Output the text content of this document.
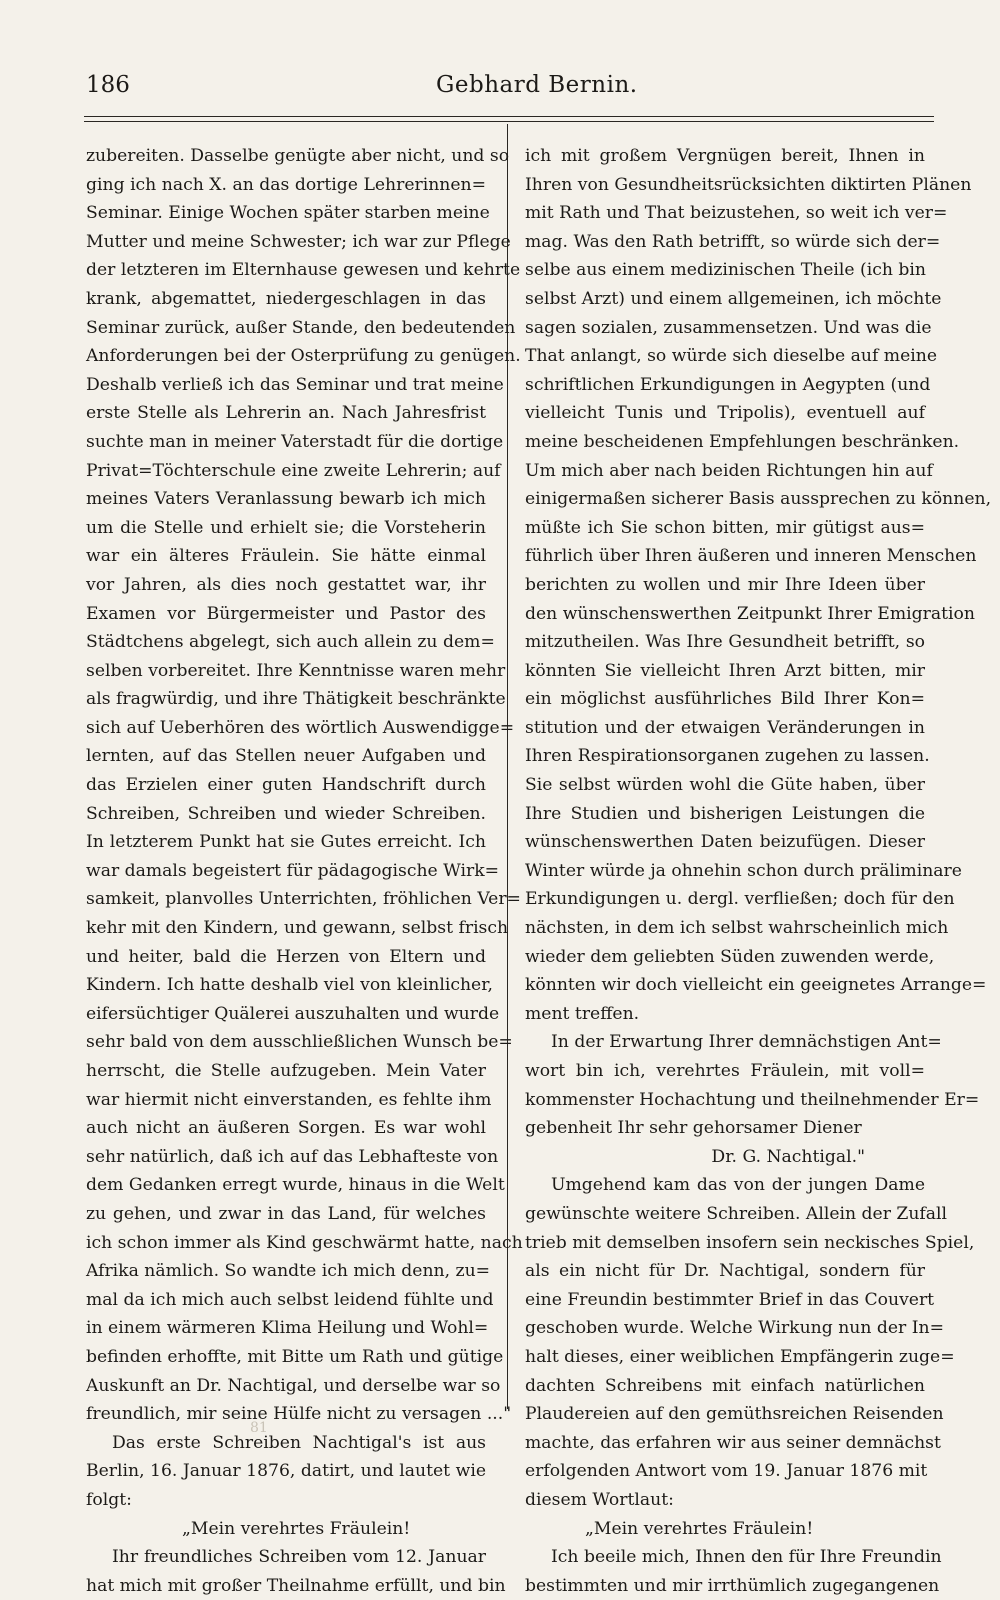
186	Gebhard Bernin.
zubereiten. Dasselbe genügte aber nicht, und so
ging ich nach X. an das dortige Lehrerinnen=
Seminar. Einige Wochen später starben meine
Mutter und meine Schwester; ich war zur Pflege
der letzteren im Elternhause gewesen und kehrte
krank, abgemattet, niedergeschlagen in das
Seminar zurück, außer Stande, den bedeutenden
Anforderungen bei der Osterprüfung zu genügen.
Deshalb verließ ich das Seminar und trat meine
erste Stelle als Lehrerin an. Nach Jahresfrist
suchte man in meiner Vaterstadt für die dortige
Privat=Töchterschule eine zweite Lehrerin; auf
meines Vaters Veranlassung bewarb ich mich
um die Stelle und erhielt sie; die Vorsteherin
war ein älteres Fräulein. Sie hätte einmal
vor Jahren, als dies noch gestattet war, ihr
Examen vor Bürgermeister und Pastor des
Städtchens abgelegt, sich auch allein zu dem=
selben vorbereitet. Ihre Kenntnisse waren mehr
als fragwürdig, und ihre Thätigkeit beschränkte
sich auf Ueberhören des wörtlich Auswendigge=
lernten, auf das Stellen neuer Aufgaben und
das Erzielen einer guten Handschrift durch
Schreiben, Schreiben und wieder Schreiben.
In letzterem Punkt hat sie Gutes erreicht. Ich
war damals begeistert für pädagogische Wirk=
samkeit, planvolles Unterrichten, fröhlichen Ver=
kehr mit den Kindern, und gewann, selbst frisch
und heiter, bald die Herzen von Eltern und
Kindern. Ich hatte deshalb viel von kleinlicher,
eifersüchtiger Quälerei auszuhalten und wurde
sehr bald von dem ausschließlichen Wunsch be=
herrscht, die Stelle aufzugeben. Mein Vater
war hiermit nicht einverstanden, es fehlte ihm
auch nicht an äußeren Sorgen. Es war wohl
sehr natürlich, daß ich auf das Lebhafteste von
dem Gedanken erregt wurde, hinaus in die Welt
zu gehen, und zwar in das Land, für welches
ich schon immer als Kind geschwärmt hatte, nach
Afrika nämlich. So wandte ich mich denn, zu=
mal da ich mich auch selbst leidend fühlte und
in einem wärmeren Klima Heilung und Wohl=
befinden erhoffte, mit Bitte um Rath und gütige
Auskunft an Dr. Nachtigal, und derselbe war so
freundlich, mir seine Hülfe nicht zu versagen ..."
Das erste Schreiben Nachtigal's ist aus
Berlin, 16. Januar 1876, datirt, und lautet wie
folgt:
„Mein verehrtes Fräulein!
Ihr freundliches Schreiben vom 12. Januar
hat mich mit großer Theilnahme erfüllt, und bin
ich mit großem Vergnügen bereit, Ihnen in
Ihren von Gesundheitsrücksichten diktirten Plänen
mit Rath und That beizustehen, so weit ich ver=
mag. Was den Rath betrifft, so würde sich der=
selbe aus einem medizinischen Theile (ich bin
selbst Arzt) und einem allgemeinen, ich möchte
sagen sozialen, zusammensetzen. Und was die
That anlangt, so würde sich dieselbe auf meine
schriftlichen Erkundigungen in Aegypten (und
vielleicht Tunis und Tripolis), eventuell auf
meine bescheidenen Empfehlungen beschränken.
Um mich aber nach beiden Richtungen hin auf
einigermaßen sicherer Basis aussprechen zu können,
müßte ich Sie schon bitten, mir gütigst aus=
führlich über Ihren äußeren und inneren Menschen
berichten zu wollen und mir Ihre Ideen über
den wünschenswerthen Zeitpunkt Ihrer Emigration
mitzutheilen. Was Ihre Gesundheit betrifft, so
könnten Sie vielleicht Ihren Arzt bitten, mir
ein möglichst ausführliches Bild Ihrer Kon=
stitution und der etwaigen Veränderungen in
Ihren Respirationsorganen zugehen zu lassen.
Sie selbst würden wohl die Güte haben, über
Ihre Studien und bisherigen Leistungen die
wünschenswerthen Daten beizufügen. Dieser
Winter würde ja ohnehin schon durch präliminare
Erkundigungen u. dergl. verfließen; doch für den
nächsten, in dem ich selbst wahrscheinlich mich
wieder dem geliebten Süden zuwenden werde,
könnten wir doch vielleicht ein geeignetes Arrange=
ment treffen.
In der Erwartung Ihrer demnächstigen Ant=
wort bin ich, verehrtes Fräulein, mit voll=
kommenster Hochachtung und theilnehmender Er=
gebenheit Ihr sehr gehorsamer Diener
Dr. G. Nachtigal."
Umgehend kam das von der jungen Dame
gewünschte weitere Schreiben. Allein der Zufall
trieb mit demselben insofern sein neckisches Spiel,
als ein nicht für Dr. Nachtigal, sondern für
eine Freundin bestimmter Brief in das Couvert
geschoben wurde. Welche Wirkung nun der In=
halt dieses, einer weiblichen Empfängerin zuge=
dachten Schreibens mit einfach natürlichen
Plaudereien auf den gemüthsreichen Reisenden
machte, das erfahren wir aus seiner demnächst
erfolgenden Antwort vom 19. Januar 1876 mit
diesem Wortlaut:
„Mein verehrtes Fräulein!
Ich beeile mich, Ihnen den für Ihre Freundin
bestimmten und mir irrthümlich zugegangenen
81
